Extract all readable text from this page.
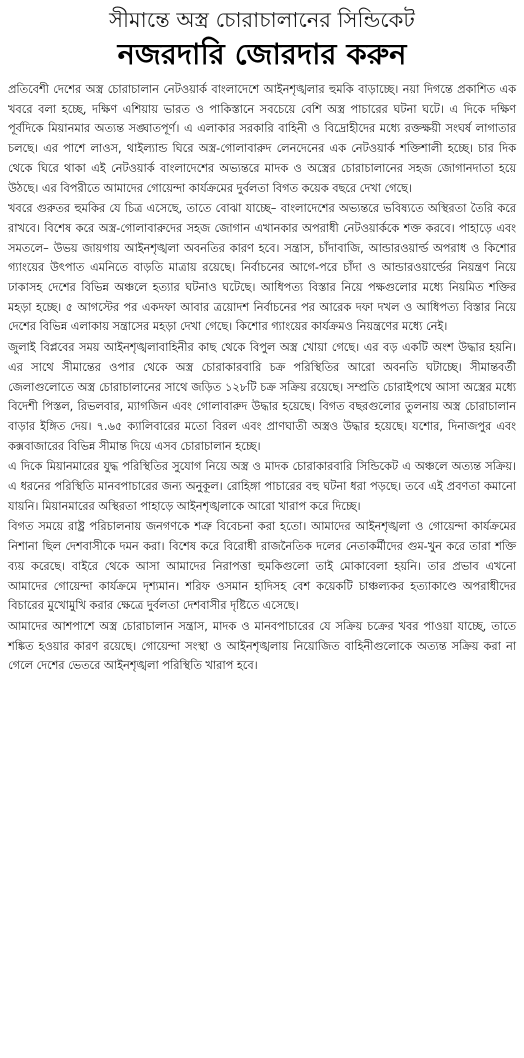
সীমান্তে অস্ত্র চোরাচালানের সিন্ডিকেট
নজরদারি জোরদার করুন

প্রতিবেশী দেশের অস্ত্র চোরাচালান নেটওয়ার্ক বাংলাদেশে আইনশৃঙ্খলার হুমকি বাড়াচ্ছে। নয়া দিগন্তে প্রকাশিত এক খবরে বলা হচ্ছে, দক্ষিণ এশিয়ায় ভারত ও পাকিস্তানে সবচেয়ে বেশি অস্ত্র পাচারের ঘটনা ঘটে। এ দিকে দক্ষিণ পূর্বদিকে মিয়ানমার অত্যন্ত সঙ্ঘাতপূর্ণ। এ এলাকার সরকারি বাহিনী ও বিদ্রোহীদের মধ্যে রক্তক্ষয়ী সংঘর্ষ লাগাতার চলছে। এর পাশে লাওস, থাইল্যান্ড ঘিরে অস্ত্র-গোলাবারুদ লেনদেনের এক নেটওয়ার্ক শক্তিশালী হচ্ছে। চার দিক থেকে ঘিরে থাকা এই নেটওয়ার্ক বাংলাদেশের অভ্যন্তরে মাদক ও অস্ত্রের চোরাচালানের সহজ জোগানদাতা হয়ে উঠছে। এর বিপরীতে আমাদের গোয়েন্দা কার্যক্রমের দুর্বলতা বিগত কয়েক বছরে দেখা গেছে।

খবরে গুরুতর হুমকির যে চিত্র এসেছে, তাতে বোঝা যাচ্ছে– বাংলাদেশের অভ্যন্তরে ভবিষ্যতে অস্থিরতা তৈরি করে রাখবে। বিশেষ করে অস্ত্র-গোলাবারুদের সহজ জোগান এখানকার অপরাধী নেটওয়ার্ককে শক্ত করবে। পাহাড়ে এবং সমতলে– উভয় জায়গায় আইনশৃঙ্খলা অবনতির কারণ হবে। সন্ত্রাস, চাঁদাবাজি, আন্ডারওয়ার্ল্ড অপরাধ ও কিশোর গ্যাংয়ের উৎপাত এমনিতে বাড়তি মাত্রায় রয়েছে। নির্বাচনের আগে-পরে চাঁদা ও আন্ডারওয়ার্ল্ডের নিয়ন্ত্রণ নিয়ে ঢাকাসহ দেশের বিভিন্ন অঞ্চলে হত্যার ঘটনাও ঘটেছে। আধিপত্য বিস্তার নিয়ে পক্ষগুলোর মধ্যে নিয়মিত শক্তির মহড়া হচ্ছে। ৫ আগস্টের পর একদফা আবার ত্রয়োদশ নির্বাচনের পর আরেক দফা দখল ও আধিপত্য বিস্তার নিয়ে দেশের বিভিন্ন এলাকায় সন্ত্রাসের মহড়া দেখা গেছে। কিশোর গ্যাংয়ের কার্যক্রমও নিয়ন্ত্রণের মধ্যে নেই।

জুলাই বিপ্লবের সময় আইনশৃঙ্খলাবাহিনীর কাছ থেকে বিপুল অস্ত্র খোয়া গেছে। এর বড় একটি অংশ উদ্ধার হয়নি। এর সাথে সীমান্তের ওপার থেকে অস্ত্র চোরাকারবারি চক্র পরিস্থিতির আরো অবনতি ঘটাচ্ছে। সীমান্তবর্তী জেলাগুলোতে অস্ত্র চোরাচালানের সাথে জড়িত ১২৮টি চক্র সক্রিয় রয়েছে। সম্প্রতি চোরাইপথে আসা অস্ত্রের মধ্যে বিদেশী পিস্তল, রিভলবার, ম্যাগজিন এবং গোলাবারুদ উদ্ধার হয়েছে। বিগত বছরগুলোর তুলনায় অস্ত্র চোরাচালান বাড়ার ইঙ্গিত দেয়। ৭.৬৫ ক্যালিবারের মতো বিরল এবং প্রাণঘাতী অস্ত্রও উদ্ধার হয়েছে। যশোর, দিনাজপুর এবং কক্সবাজারের বিভিন্ন সীমান্ত দিয়ে এসব চোরাচালান হচ্ছে।

এ দিকে মিয়ানমারের যুদ্ধ পরিস্থিতির সুযোগ নিয়ে অস্ত্র ও মাদক চোরাকারবারি সিন্ডিকেট এ অঞ্চলে অত্যন্ত সক্রিয়। এ ধরনের পরিস্থিতি মানবপাচারের জন্য অনুকূল। রোহিঙ্গা পাচারের বহু ঘটনা ধরা পড়ছে। তবে এই প্রবণতা কমানো যায়নি। মিয়ানমারের অস্থিরতা পাহাড়ে আইনশৃঙ্খলাকে আরো খারাপ করে দিচ্ছে।

বিগত সময়ে রাষ্ট্র পরিচালনায় জনগণকে শত্রু বিবেচনা করা হতো। আমাদের আইনশৃঙ্খলা ও গোয়েন্দা কার্যক্রমের নিশানা ছিল দেশবাসীকে দমন করা। বিশেষ করে বিরোধী রাজনৈতিক দলের নেতাকর্মীদের গুম-খুন করে তারা শক্তি ব্যয় করেছে। বাইরে থেকে আসা আমাদের নিরাপত্তা হুমকিগুলো তাই মোকাবেলা হয়নি। তার প্রভাব এখনো আমাদের গোয়েন্দা কার্যক্রমে দৃশ্যমান। শরিফ ওসমান হাদিসহ বেশ কয়েকটি চাঞ্চল্যকর হত্যাকাণ্ডে অপরাধীদের বিচারের মুখোমুখি করার ক্ষেত্রে দুর্বলতা দেশবাসীর দৃষ্টিতে এসেছে।

আমাদের আশপাশে অস্ত্র চোরাচালান সন্ত্রাস, মাদক ও মানবপাচারের যে সক্রিয় চক্রের খবর পাওয়া যাচ্ছে, তাতে শঙ্কিত হওয়ার কারণ রয়েছে। গোয়েন্দা সংস্থা ও আইনশৃঙ্খলায় নিয়োজিত বাহিনীগুলোকে অত্যন্ত সক্রিয় করা না গেলে দেশের ভেতরে আইনশৃঙ্খলা পরিস্থিতি খারাপ হবে।
